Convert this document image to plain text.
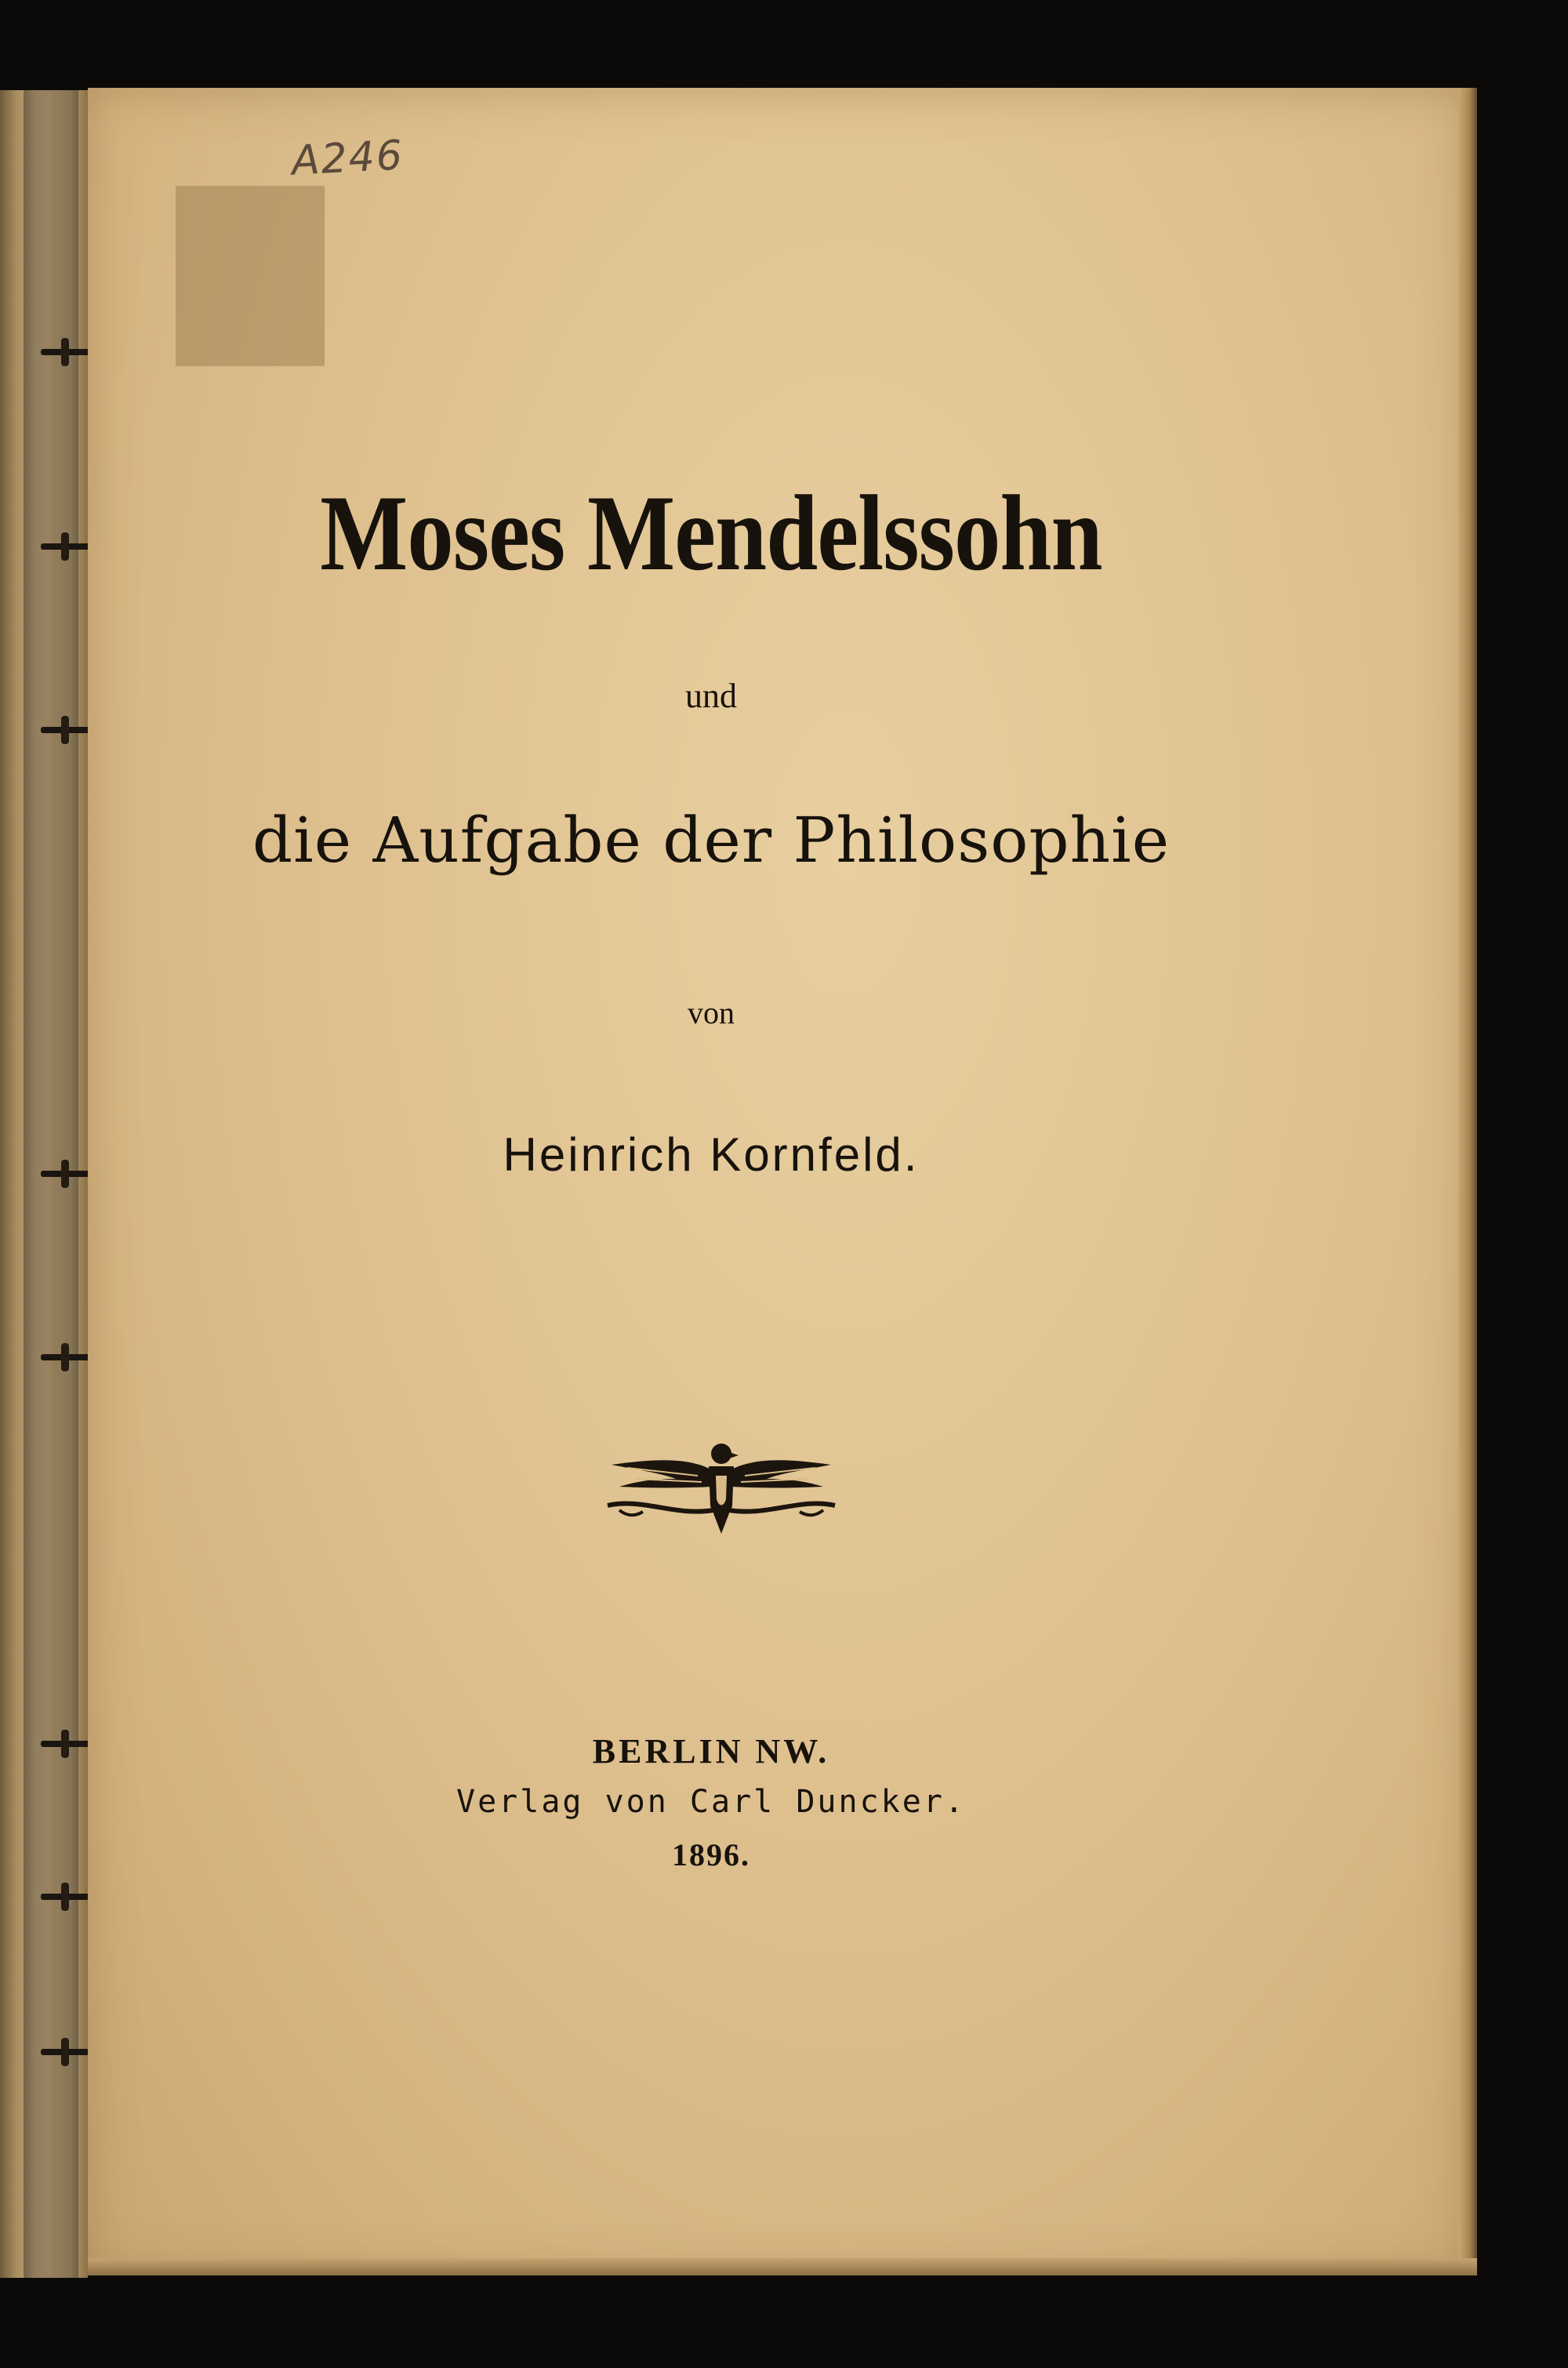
A246
Moses Mendelssohn
und
die Aufgabe der Philosophie
von
Heinrich Kornfeld.
BERLIN NW.
Verlag von Carl Duncker.
1896.
